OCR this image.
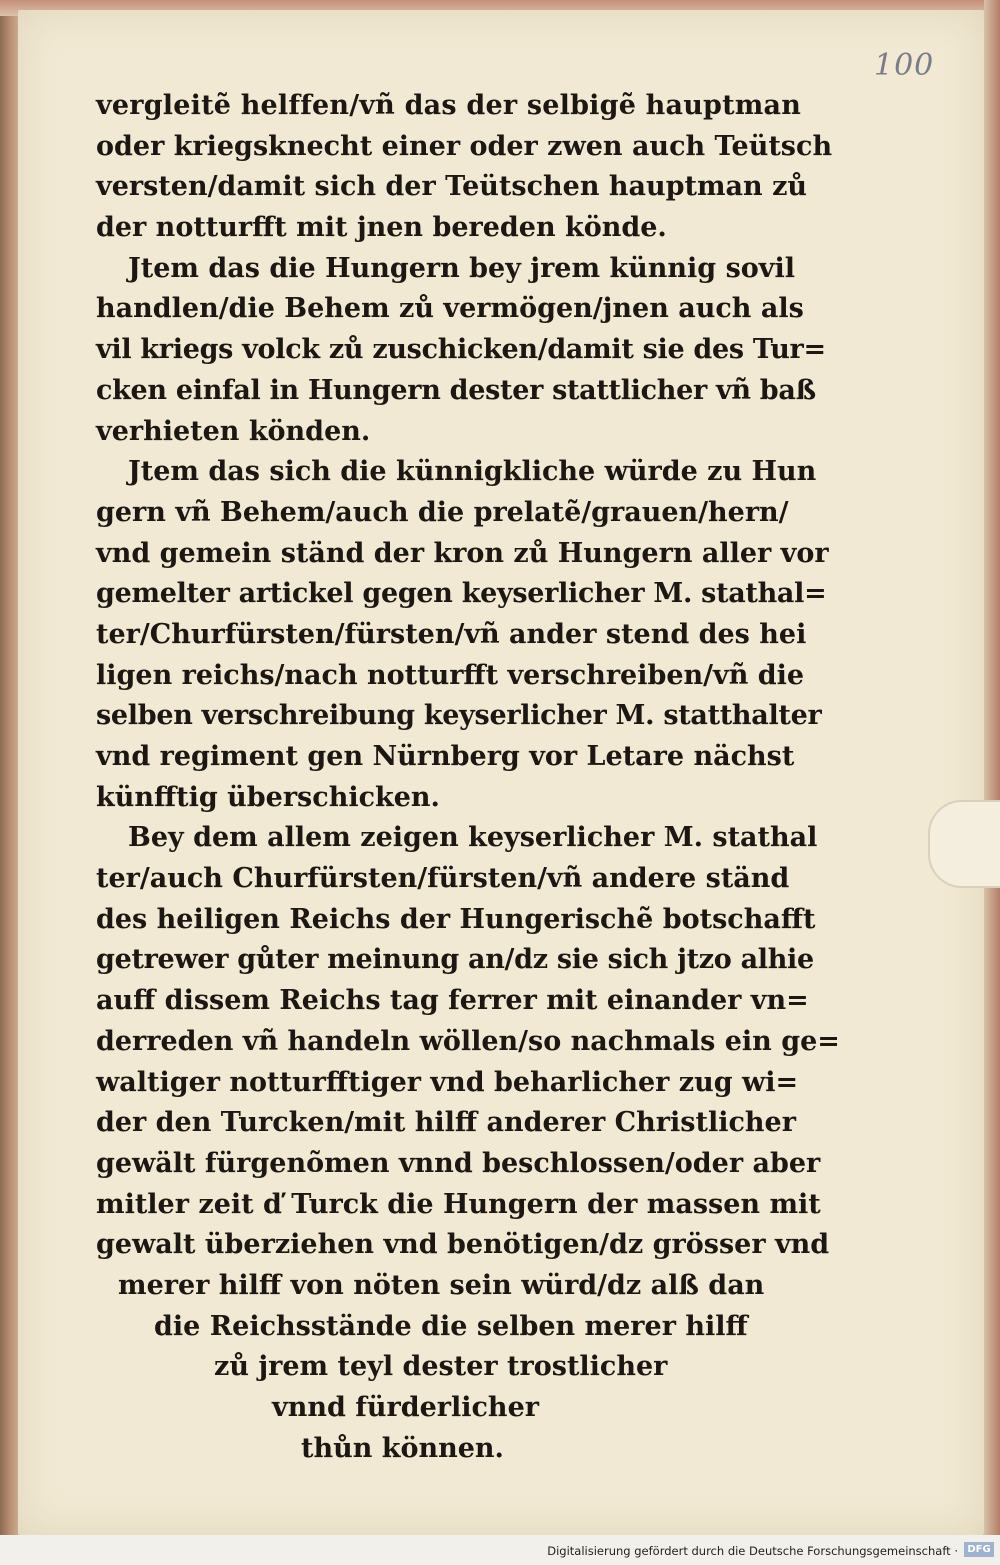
100
vergleitẽ helffen/vñ das der selbigẽ hauptman
oder kriegsknecht einer oder zwen auch Teütsch
versten/damit sich der Teütschen hauptman zů
der notturfft mit jnen bereden könde.
Jtem das die Hungern bey jrem künnig sovil
handlen/die Behem zů vermögen/jnen auch als
vil kriegs volck zů zuschicken/damit sie des Tur=
cken einfal in Hungern dester stattlicher vñ baß
verhieten könden.
Jtem das sich die künnigkliche würde zu Hun
gern vñ Behem/auch die prelatẽ/grauen/hern/
vnd gemein ständ der kron zů Hungern aller vor
gemelter artickel gegen keyserlicher M. stathal=
ter/Churfürsten/fürsten/vñ ander stend des hei
ligen reichs/nach notturfft verschreiben/vñ die
selben verschreibung keyserlicher M. statthalter
vnd regiment gen Nürnberg vor Letare nächst
künfftig überschicken.
Bey dem allem zeigen keyserlicher M. stathal
ter/auch Churfürsten/fürsten/vñ andere ständ
des heiligen Reichs der Hungerischẽ botschafft
getrewer gůter meinung an/dz sie sich jtzo alhie
auff dissem Reichs tag ferrer mit einander vn=
derreden vñ handeln wöllen/so nachmals ein ge=
waltiger notturfftiger vnd beharlicher zug wi=
der den Turcken/mit hilff anderer Christlicher
gewält fürgenõmen vnnd beschlossen/oder aber
mitler zeit ď Turck die Hungern der massen mit
gewalt überziehen vnd benötigen/dz grösser vnd
merer hilff von nöten sein würd/dz alß dan
die Reichsstände die selben merer hilff
zů jrem teyl dester trostlicher
vnnd fürderlicher
thůn können.
Digitalisierung gefördert durch die Deutsche Forschungsgemeinschaft · DFG
